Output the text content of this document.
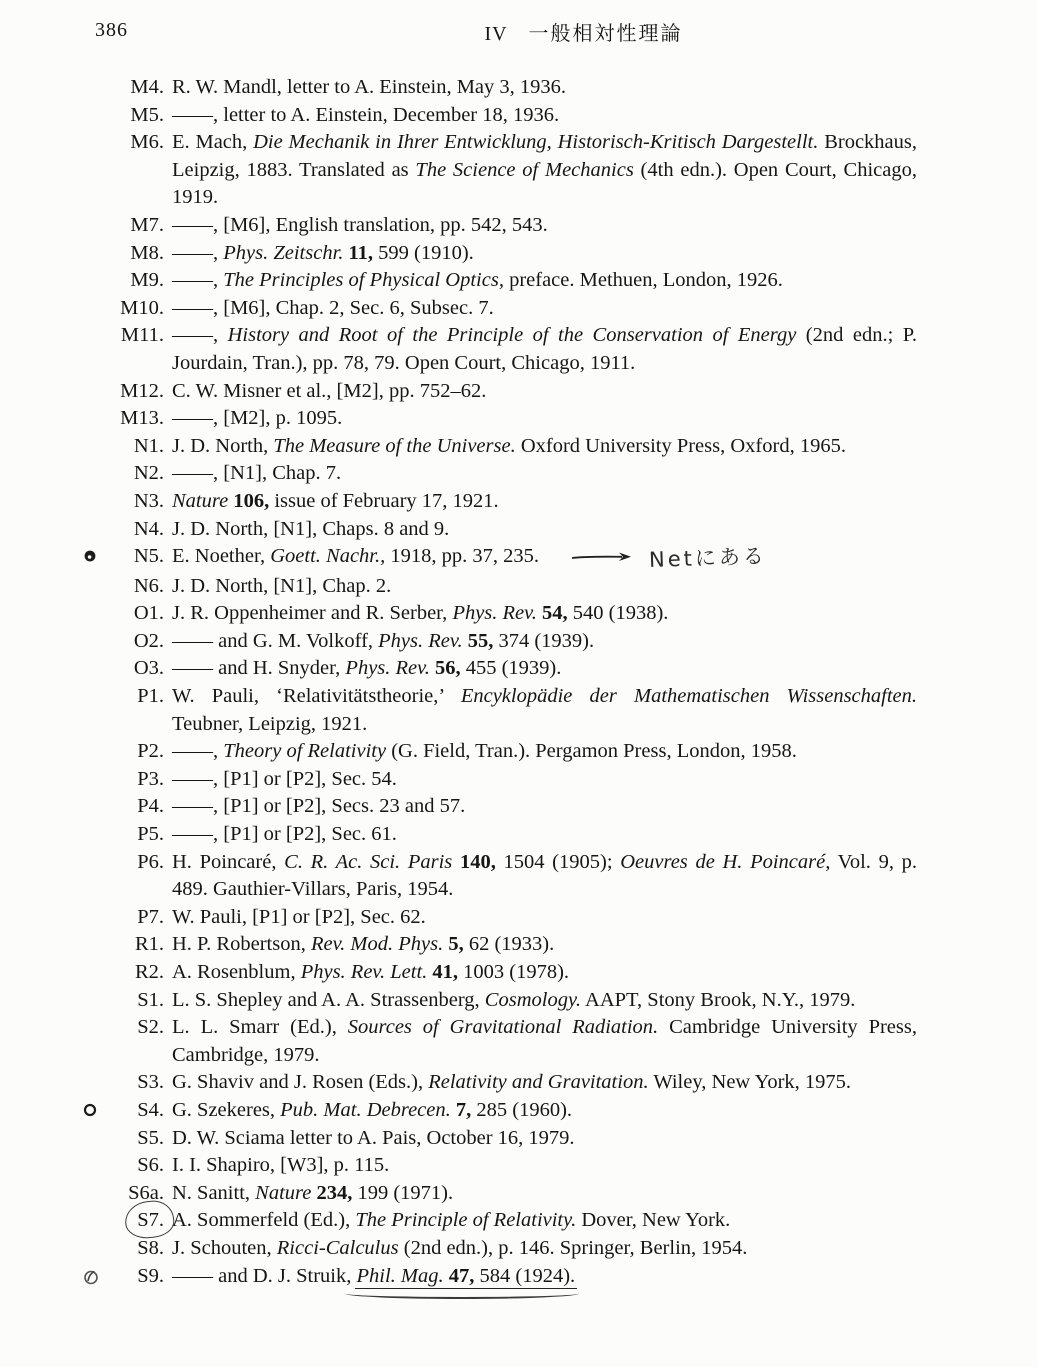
386	IV 一般相対性理論
M4. R. W. Mandl, letter to A. Einstein, May 3, 1936.
M5. ——, letter to A. Einstein, December 18, 1936.
M6. E. Mach, Die Mechanik in Ihrer Entwicklung, Historisch-Kritisch Dargestellt. Brockhaus, Leipzig, 1883. Translated as The Science of Mechanics (4th edn.). Open Court, Chicago, 1919.
M7. ——, [M6], English translation, pp. 542, 543.
M8. ——, Phys. Zeitschr. 11, 599 (1910).
M9. ——, The Principles of Physical Optics, preface. Methuen, London, 1926.
M10. ——, [M6], Chap. 2, Sec. 6, Subsec. 7.
M11. ——, History and Root of the Principle of the Conservation of Energy (2nd edn.; P. Jourdain, Tran.), pp. 78, 79. Open Court, Chicago, 1911.
M12. C. W. Misner et al., [M2], pp. 752–62.
M13. ——, [M2], p. 1095.
N1. J. D. North, The Measure of the Universe. Oxford University Press, Oxford, 1965.
N2. ——, [N1], Chap. 7.
N3. Nature 106, issue of February 17, 1921.
N4. J. D. North, [N1], Chaps. 8 and 9.
N5. E. Noether, Goett. Nachr., 1918, pp. 37, 235.	Netにある
N6. J. D. North, [N1], Chap. 2.
O1. J. R. Oppenheimer and R. Serber, Phys. Rev. 54, 540 (1938).
O2. —— and G. M. Volkoff, Phys. Rev. 55, 374 (1939).
O3. —— and H. Snyder, Phys. Rev. 56, 455 (1939).
P1. W. Pauli, ‘Relativitätstheorie,’ Encyklopädie der Mathematischen Wissenschaften. Teubner, Leipzig, 1921.
P2. ——, Theory of Relativity (G. Field, Tran.). Pergamon Press, London, 1958.
P3. ——, [P1] or [P2], Sec. 54.
P4. ——, [P1] or [P2], Secs. 23 and 57.
P5. ——, [P1] or [P2], Sec. 61.
P6. H. Poincaré, C. R. Ac. Sci. Paris 140, 1504 (1905); Oeuvres de H. Poincaré, Vol. 9, p. 489. Gauthier-Villars, Paris, 1954.
P7. W. Pauli, [P1] or [P2], Sec. 62.
R1. H. P. Robertson, Rev. Mod. Phys. 5, 62 (1933).
R2. A. Rosenblum, Phys. Rev. Lett. 41, 1003 (1978).
S1. L. S. Shepley and A. A. Strassenberg, Cosmology. AAPT, Stony Brook, N.Y., 1979.
S2. L. L. Smarr (Ed.), Sources of Gravitational Radiation. Cambridge University Press, Cambridge, 1979.
S3. G. Shaviv and J. Rosen (Eds.), Relativity and Gravitation. Wiley, New York, 1975.
S4. G. Szekeres, Pub. Mat. Debrecen. 7, 285 (1960).
S5. D. W. Sciama letter to A. Pais, October 16, 1979.
S6. I. I. Shapiro, [W3], p. 115.
S6a. N. Sanitt, Nature 234, 199 (1971).
S7. A. Sommerfeld (Ed.), The Principle of Relativity. Dover, New York.
S8. J. Schouten, Ricci-Calculus (2nd edn.), p. 146. Springer, Berlin, 1954.
S9. —— and D. J. Struik, Phil. Mag. 47, 584 (1924).
